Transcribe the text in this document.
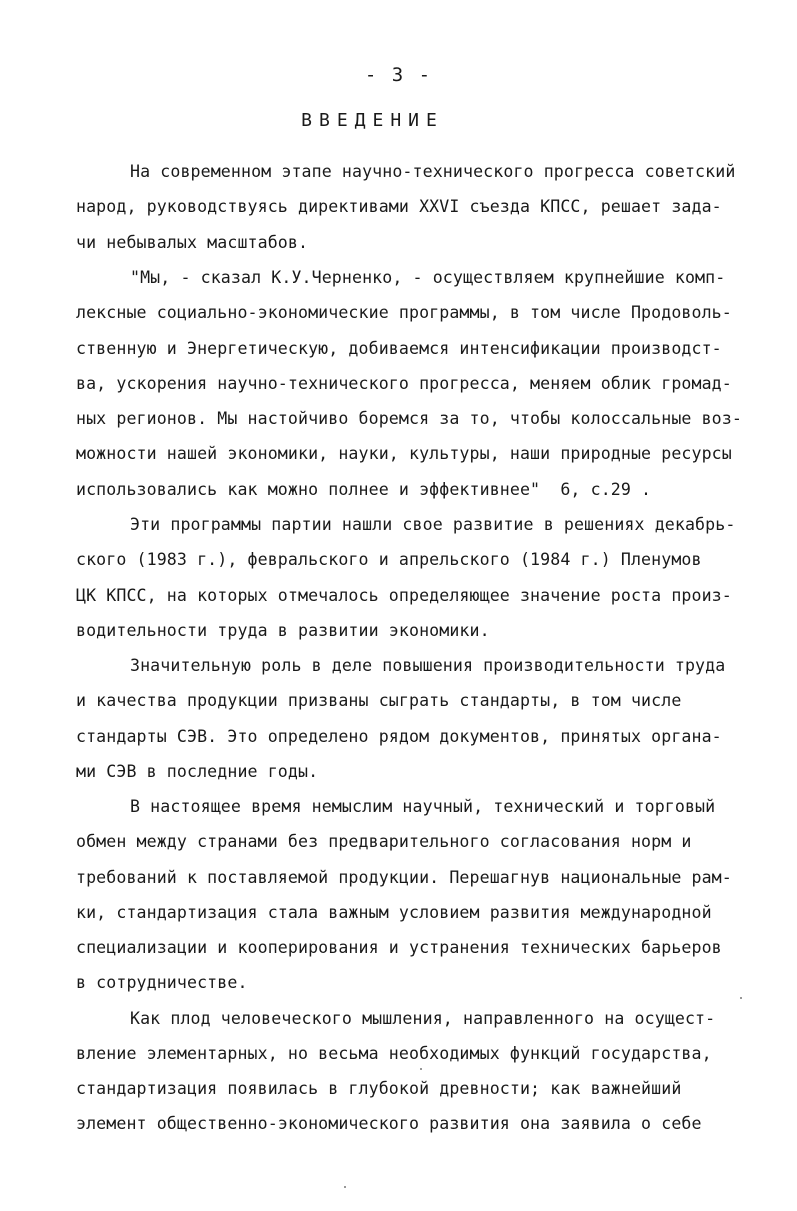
- 3 -
ВВЕДЕНИЕ
На современном этапе научно-технического прогресса советский
народ, руководствуясь директивами XXVI съезда КПСС, решает зада-
чи небывалых масштабов.
"Мы, - сказал К.У.Черненко, - осуществляем крупнейшие комп-
лексные социально-экономические программы, в том числе Продоволь-
ственную и Энергетическую, добиваемся интенсификации производст-
ва, ускорения научно-технического прогресса, меняем облик громад-
ных регионов. Мы настойчиво боремся за то, чтобы колоссальные воз-
можности нашей экономики, науки, культуры, наши природные ресурсы
использовались как можно полнее и эффективнее"  6, с.29 .
Эти программы партии нашли свое развитие в решениях декабрь-
ского (1983 г.), февральского и апрельского (1984 г.) Пленумов
ЦК КПСС, на которых отмечалось определяющее значение роста произ-
водительности труда в развитии экономики.
Значительную роль в деле повышения производительности труда
и качества продукции призваны сыграть стандарты, в том числе
стандарты СЭВ. Это определено рядом документов, принятых органа-
ми СЭВ в последние годы.
В настоящее время немыслим научный, технический и торговый
обмен между странами без предварительного согласования норм и
требований к поставляемой продукции. Перешагнув национальные рам-
ки, стандартизация стала важным условием развития международной
специализации и кооперирования и устранения технических барьеров
в сотрудничестве.
Как плод человеческого мышления, направленного на осущест-
вление элементарных, но весьма необходимых функций государства,
стандартизация появилась в глубокой древности; как важнейший
элемент общественно-экономического развития она заявила о себе
